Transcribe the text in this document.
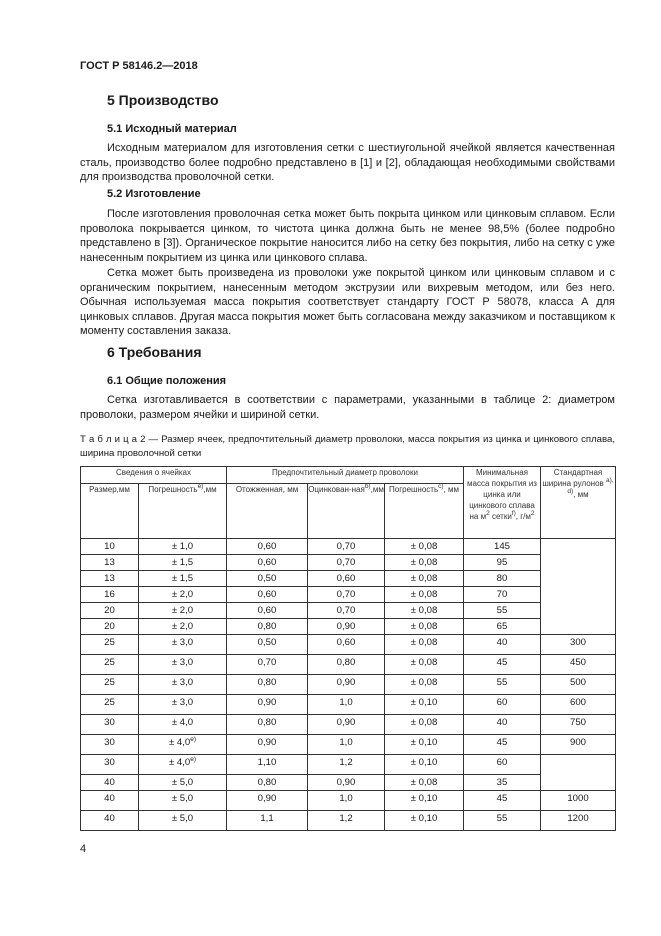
ГОСТ Р 58146.2—2018
5 Производство
5.1 Исходный материал

Исходным материалом для изготовления сетки с шестиугольной ячейкой является качественная сталь, производство более подробно представлено в [1] и [2], обладающая необходимыми свойствами для производства проволочной сетки.

5.2 Изготовление

После изготовления проволочная сетка может быть покрыта цинком или цинковым сплавом. Если проволока покрывается цинком, то чистота цинка должна быть не менее 98,5% (более подробно представлено в [3]). Органическое покрытие наносится либо на сетку без покрытия, либо на сетку с уже нанесенным покрытием из цинка или цинкового сплава.

Сетка может быть произведена из проволоки уже покрытой цинком или цинковым сплавом и с органическим покрытием, нанесенным методом экструзии или вихревым методом, или без него. Обычная используемая масса покрытия соответствует стандарту ГОСТ Р 58078, класса А для цинковых сплавов. Другая масса покрытия может быть согласована между заказчиком и поставщиком к моменту составления заказа.

6 Требования
6.1 Общие положения

Сетка изготавливается в соответствии с параметрами, указанными в таблице 2: диаметром проволоки, размером ячейки и шириной сетки.

Т а б л и ц а 2 — Размер ячеек, предпочтительный диаметр проволоки, масса покрытия из цинка и цинкового сплава, ширина проволочной сетки

Сведения о ячейках		Предпочтительный диаметр проволоки			Минимальная масса покрытия из цинка или цинкового сплава на $м^2$ сетки$^{f)}$, $г/м^2$	Стандартная ширина рулонов $^{a), d)}$, мм
Размер,мм	Погрешность$^{e)}$,мм	Отожженная, мм	Оцинкован-ная$^{b)}$,мм	Погрешность$^{c)}$, мм		
10	± 1,0	0,60	0,70	± 0,08	145	
13	± 1,5	0,60	0,70	± 0,08	95	
13	± 1,5	0,50	0,60	± 0,08	80	
16	± 2,0	0,60	0,70	± 0,08	70	
20	± 2,0	0,60	0,70	± 0,08	55	
20	± 2,0	0,80	0,90	± 0,08	65	
25	± 3,0	0,50	0,60	± 0,08	40	300
25	± 3,0	0,70	0,80	± 0,08	45	450
25	± 3,0	0,80	0,90	± 0,08	55	500
25	± 3,0	0,90	1,0	± 0,10	60	600
30	± 4,0	0,80	0,90	± 0,08	40	750
30	± $4,0^{e)}$	0,90	1,0	± 0,10	45	900
30	± $4,0^{e)}$	1,10	1,2	± 0,10	60	
40	± 5,0	0,80	0,90	± 0,08	35	
40	± 5,0	0,90	1,0	± 0,10	45	1000
40	± 5,0	1,1	1,2	± 0,10	55	1200
4
